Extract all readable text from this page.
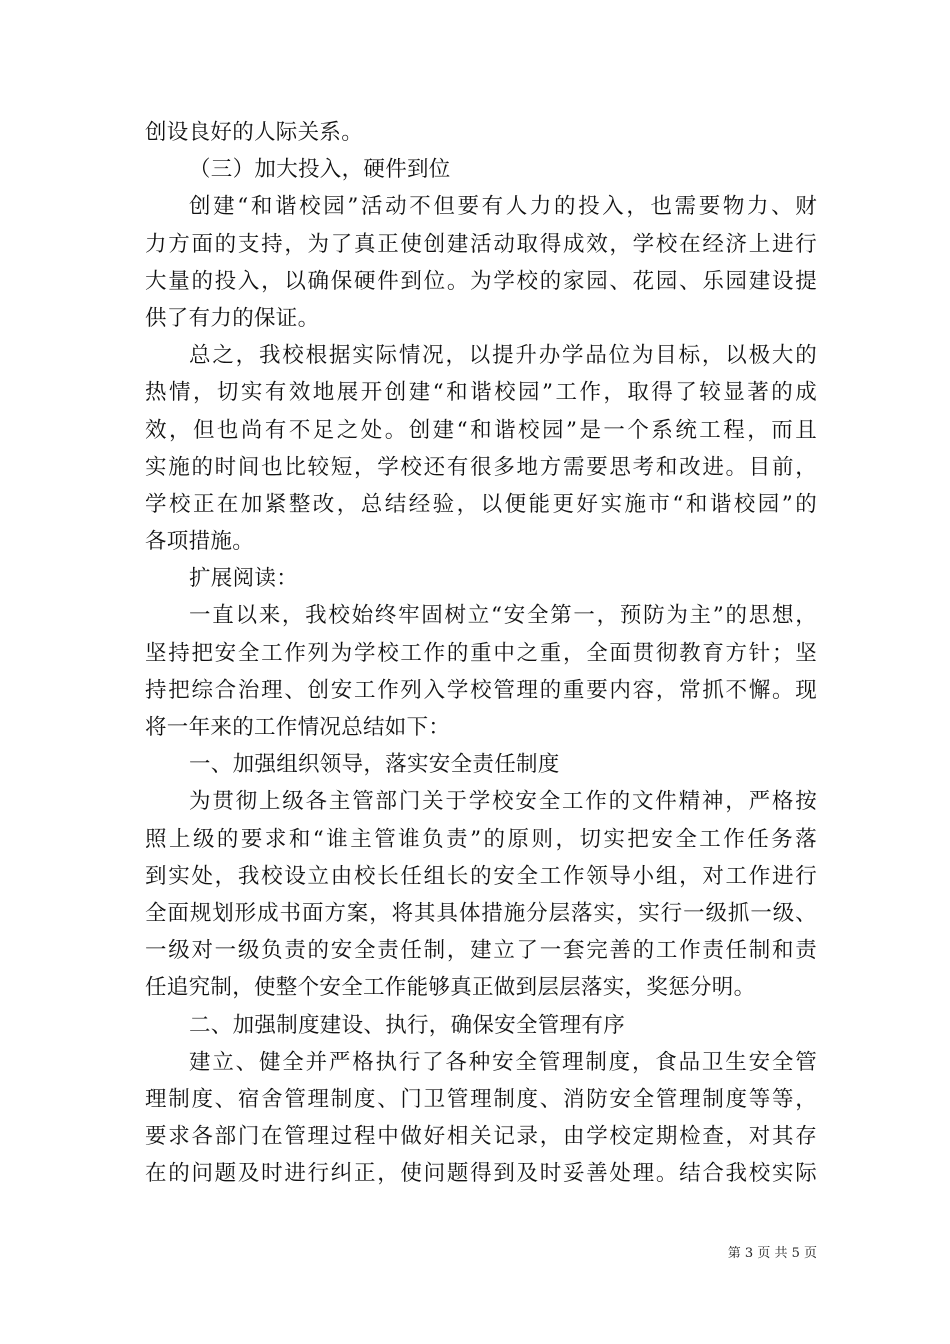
创设良好的人际关系。
（三）加大投入，硬件到位
创建“和谐校园”活动不但要有人力的投入，也需要物力、财
力方面的支持，为了真正使创建活动取得成效，学校在经济上进行
大量的投入，以确保硬件到位。为学校的家园、花园、乐园建设提
供了有力的保证。
总之，我校根据实际情况，以提升办学品位为目标，以极大的
热情，切实有效地展开创建“和谐校园”工作，取得了较显著的成
效，但也尚有不足之处。创建“和谐校园”是一个系统工程，而且
实施的时间也比较短，学校还有很多地方需要思考和改进。目前，
学校正在加紧整改，总结经验，以便能更好实施市“和谐校园”的
各项措施。
扩展阅读：
一直以来，我校始终牢固树立“安全第一，预防为主”的思想，
坚持把安全工作列为学校工作的重中之重，全面贯彻教育方针；坚
持把综合治理、创安工作列入学校管理的重要内容，常抓不懈。现
将一年来的工作情况总结如下：
一、加强组织领导，落实安全责任制度
为贯彻上级各主管部门关于学校安全工作的文件精神，严格按
照上级的要求和“谁主管谁负责”的原则，切实把安全工作任务落
到实处，我校设立由校长任组长的安全工作领导小组，对工作进行
全面规划形成书面方案，将其具体措施分层落实，实行一级抓一级、
一级对一级负责的安全责任制，建立了一套完善的工作责任制和责
任追究制，使整个安全工作能够真正做到层层落实，奖惩分明。
二、加强制度建设、执行，确保安全管理有序
建立、健全并严格执行了各种安全管理制度，食品卫生安全管
理制度、宿舍管理制度、门卫管理制度、消防安全管理制度等等，
要求各部门在管理过程中做好相关记录，由学校定期检查，对其存
在的问题及时进行纠正，使问题得到及时妥善处理。结合我校实际
第 3 页 共 5 页
